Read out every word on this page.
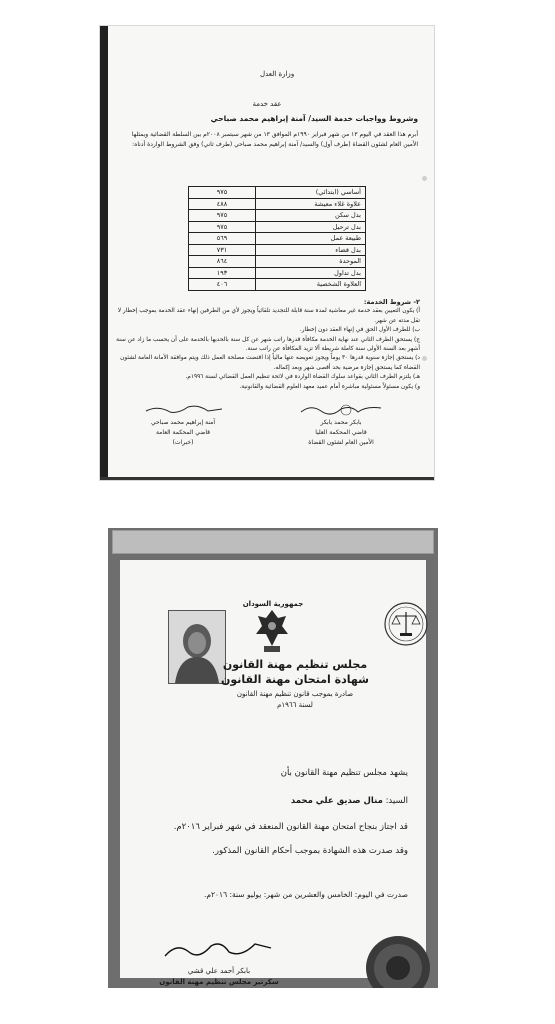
وزارة العدل
عقد خدمة
وشروط وواجبات خدمة السيد/ آمنة إبراهيم محمد صباحي
أبرم هذا العقد في اليوم ١٣ من شهر فبراير ١٩٩٠م الموافق ١٣ من شهر سبتمبر ٢٠٠٨م بين السلطة القضائية ويمثلها الأمين العام لشئون القضاة (طرف أول) والسيد/ آمنة إبراهيم محمد صباحي (طرف ثاني) وفق الشروط الواردة أدناه:
٩٧٥	أساسي (ابتدائي)
٤٨٨	علاوة غلاء معيشة
٩٧٥	بدل سكن
٩٧٥	بدل ترحيل
٥٦٩	طبيعة عمل
٧٣١	بدل قضاء
٨٦٤	الموحدة
١٩٣	بدل تداول
٤٠٦	العلاوة الشخصية
٢- شروط الخدمة:
أ) يكون التعيين بعقد خدمة غير معاشية لمدة سنة قابلة للتجديد تلقائياً ويجوز لأي من الطرفين إنهاء عقد الخدمة بموجب إخطار لا تقل مدته عن شهر.
ب) للطرف الأول الحق في إنهاء العقد دون إخطار.
ج) يستحق الطرف الثاني عند نهاية الخدمة مكافأة قدرها راتب شهر عن كل سنة بالحديها بالخدمة على أن يحسب ما زاد عن سنة أشهر بعد السنة الأولى سنة كاملة شريطة ألا تزيد المكافأة عن راتب سنة.
د) يستحق إجازة سنوية قدرها ٣٠ يوماً ويجوز تعويضه عنها مالياً إذا اقتضت مصلحة العمل ذلك ويتم موافقة الأمانة العامة لشئون القضاة كما يستحق إجازة مرضية بحد أقصى شهر وبعد إكماله.
هـ) يلتزم الطرف الثاني بقواعد سلوك القضاة الواردة في لائحة تنظيم العمل القضائي لسنة ١٩٩٦م.
و) يكون مسئولاً مسئولية مباشرة أمام عميد معهد العلوم القضائية والقانونية.
بابكر محمد بابكر
قاضي المحكمة العليا
الأمين العام لشئون القضاة
آمنة إبراهيم محمد صباحي
قاضي المحكمة العامة
(خبرات)
جمهورية السودان
مجلس تنظيم مهنة القانون
شهادة امتحان مهنة القانون
صادرة بموجب قانون تنظيم مهنة القانون
لسنة ١٩٦٦م
يشهد مجلس تنظيم مهنة القانون بأن
السيد: منال صديق علي محمد
قد اجتاز بنجاح امتحان مهنة القانون المنعقد في شهر فبراير ٢٠١٦م.
وقد صدرت هذه الشهادة بموجب أحكام القانون المذكور.
صدرت في اليوم: الخامس والعشرين من شهر: يوليو سنة: ٢٠١٦م.
بابكر أحمد علي قشي
سكرتير مجلس تنظيم مهنة القانون
